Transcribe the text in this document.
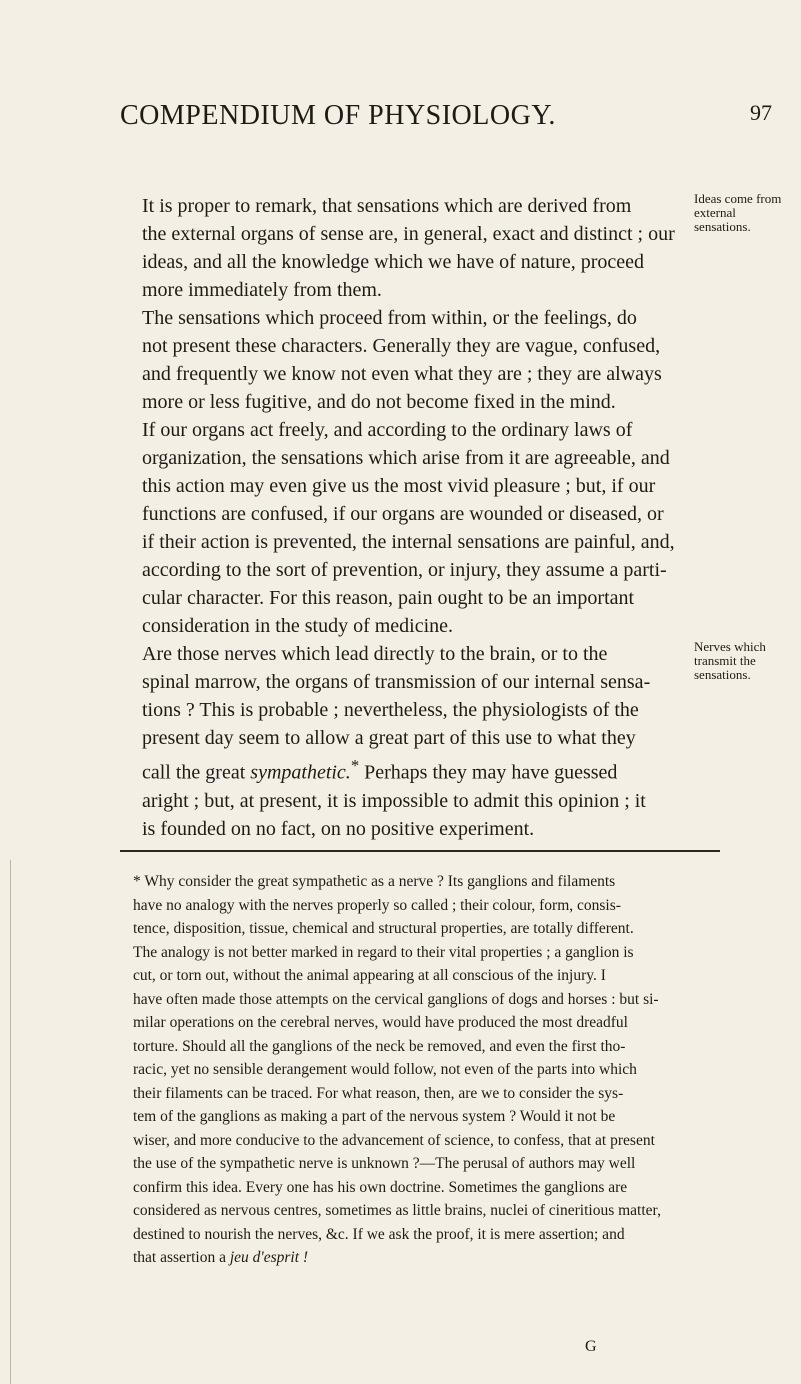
COMPENDIUM OF PHYSIOLOGY.	97
Ideas come from external sensations.
Nerves which transmit the sensations.

It is proper to remark, that sensations which are derived from
the external organs of sense are, in general, exact and distinct ; our
ideas, and all the knowledge which we have of nature, proceed
more immediately from them.

The sensations which proceed from within, or the feelings, do
not present these characters. Generally they are vague, confused,
and frequently we know not even what they are ; they are always
more or less fugitive, and do not become fixed in the mind.

If our organs act freely, and according to the ordinary laws of
organization, the sensations which arise from it are agreeable, and
this action may even give us the most vivid pleasure ; but, if our
functions are confused, if our organs are wounded or diseased, or
if their action is prevented, the internal sensations are painful, and,
according to the sort of prevention, or injury, they assume a parti-
cular character. For this reason, pain ought to be an important
consideration in the study of medicine.

Are those nerves which lead directly to the brain, or to the
spinal marrow, the organs of transmission of our internal sensa-
tions ? This is probable ; nevertheless, the physiologists of the
present day seem to allow a great part of this use to what they
call the great sympathetic.* Perhaps they may have guessed
aright ; but, at present, it is impossible to admit this opinion ; it
is founded on no fact, on no positive experiment.

* Why consider the great sympathetic as a nerve ? Its ganglions and filaments
have no analogy with the nerves properly so called ; their colour, form, consis-
tence, disposition, tissue, chemical and structural properties, are totally different.
The analogy is not better marked in regard to their vital properties ; a ganglion is
cut, or torn out, without the animal appearing at all conscious of the injury. I
have often made those attempts on the cervical ganglions of dogs and horses : but si-
milar operations on the cerebral nerves, would have produced the most dreadful
torture. Should all the ganglions of the neck be removed, and even the first tho-
racic, yet no sensible derangement would follow, not even of the parts into which
their filaments can be traced. For what reason, then, are we to consider the sys-
tem of the ganglions as making a part of the nervous system ? Would it not be
wiser, and more conducive to the advancement of science, to confess, that at present
the use of the sympathetic nerve is unknown ?—The perusal of authors may well
confirm this idea. Every one has his own doctrine. Sometimes the ganglions are
considered as nervous centres, sometimes as little brains, nuclei of cineritious matter,
destined to nourish the nerves, &c. If we ask the proof, it is mere assertion; and
that assertion a jeu d'esprit !
G
